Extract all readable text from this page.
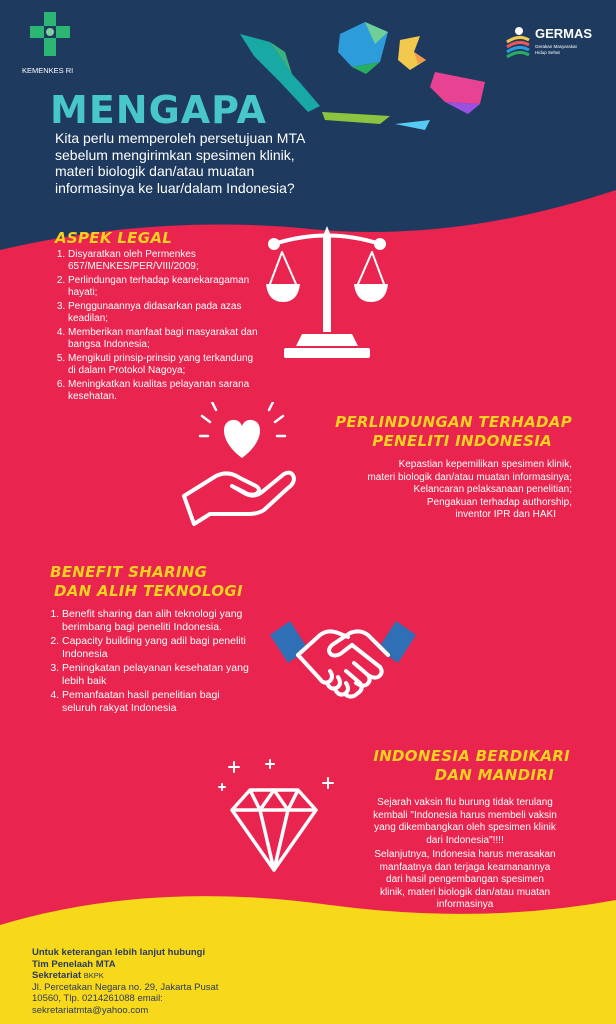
KEMENKES RI
GERMAS
Gerakan Masyarakat Hidup Sehat
MENGAPA
Kita perlu memperoleh persetujuan MTA
sebelum mengirimkan spesimen klinik,
materi biologik dan/atau muatan
informasinya ke luar/dalam Indonesia?
ASPEK LEGAL
1. Disyaratkan oleh Permenkes 657/MENKES/PER/VIII/2009;
2. Perlindungan terhadap keanekaragaman hayati;
3. Penggunaannya didasarkan pada azas keadilan;
4. Memberikan manfaat bagi masyarakat dan bangsa Indonesia;
5. Mengikuti prinsip-prinsip yang terkandung di dalam Protokol Nagoya;
6. Meningkatkan kualitas pelayanan sarana kesehatan.
PERLINDUNGAN TERHADAP
PENELITI INDONESIA
Kepastian kepemilikan spesimen klinik,
materi biologik dan/atau muatan informasinya;
Kelancaran pelaksanaan penelitian;
Pengakuan terhadap authorship,
inventor IPR dan HAKI
BENEFIT SHARING
DAN ALIH TEKNOLOGI
1. Benefit sharing dan alih teknologi yang berimbang bagi peneliti Indonesia.
2. Capacity building yang adil bagi peneliti Indonesia
3. Peningkatan pelayanan kesehatan yang lebih baik
4. Pemanfaatan hasil penelitian bagi seluruh rakyat Indonesia
INDONESIA BERDIKARI
DAN MANDIRI
Sejarah vaksin flu burung tidak terulang
kembali "Indonesia harus membeli vaksin
yang dikembangkan oleh spesimen klinik
dari Indonesia"!!!!
Selanjutnya, Indonesia harus merasakan
manfaatnya dan terjaga keamanannya
dari hasil pengembangan spesimen
klinik, materi biologik dan/atau muatan
informasinya
Untuk keterangan lebih lanjut hubungi
Tim Penelaah MTA
Sekretariat BKPK
Jl. Percetakan Negara no. 29, Jakarta Pusat
10560, Tlp. 0214261088 email:
sekretariatmta@yahoo.com
